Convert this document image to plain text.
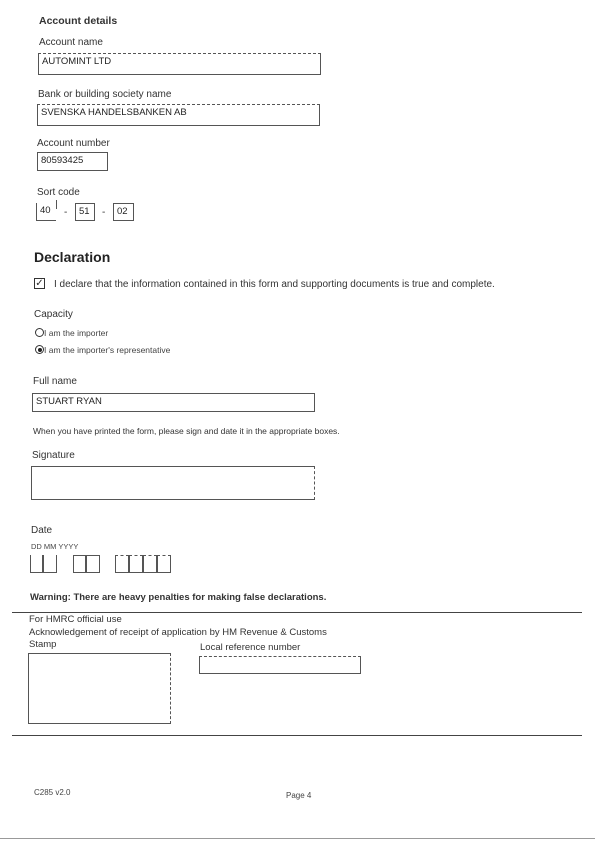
Account details
Account name
AUTOMINT LTD
Bank or building society name
SVENSKA HANDELSBANKEN AB
Account number
80593425
Sort code
40	-	51	-	02
Declaration
✓ I declare that the information contained in this form and supporting documents is true and complete.
Capacity
I am the importer
I am the importer's representative
Full name
STUART RYAN
When you have printed the form, please sign and date it in the appropriate boxes.
Signature
Date
DD MM YYYY
Warning: There are heavy penalties for making false declarations.
For HMRC official use
Acknowledgement of receipt of application by HM Revenue & Customs
Stamp	Local reference number
C285 v2.0	Page 4
